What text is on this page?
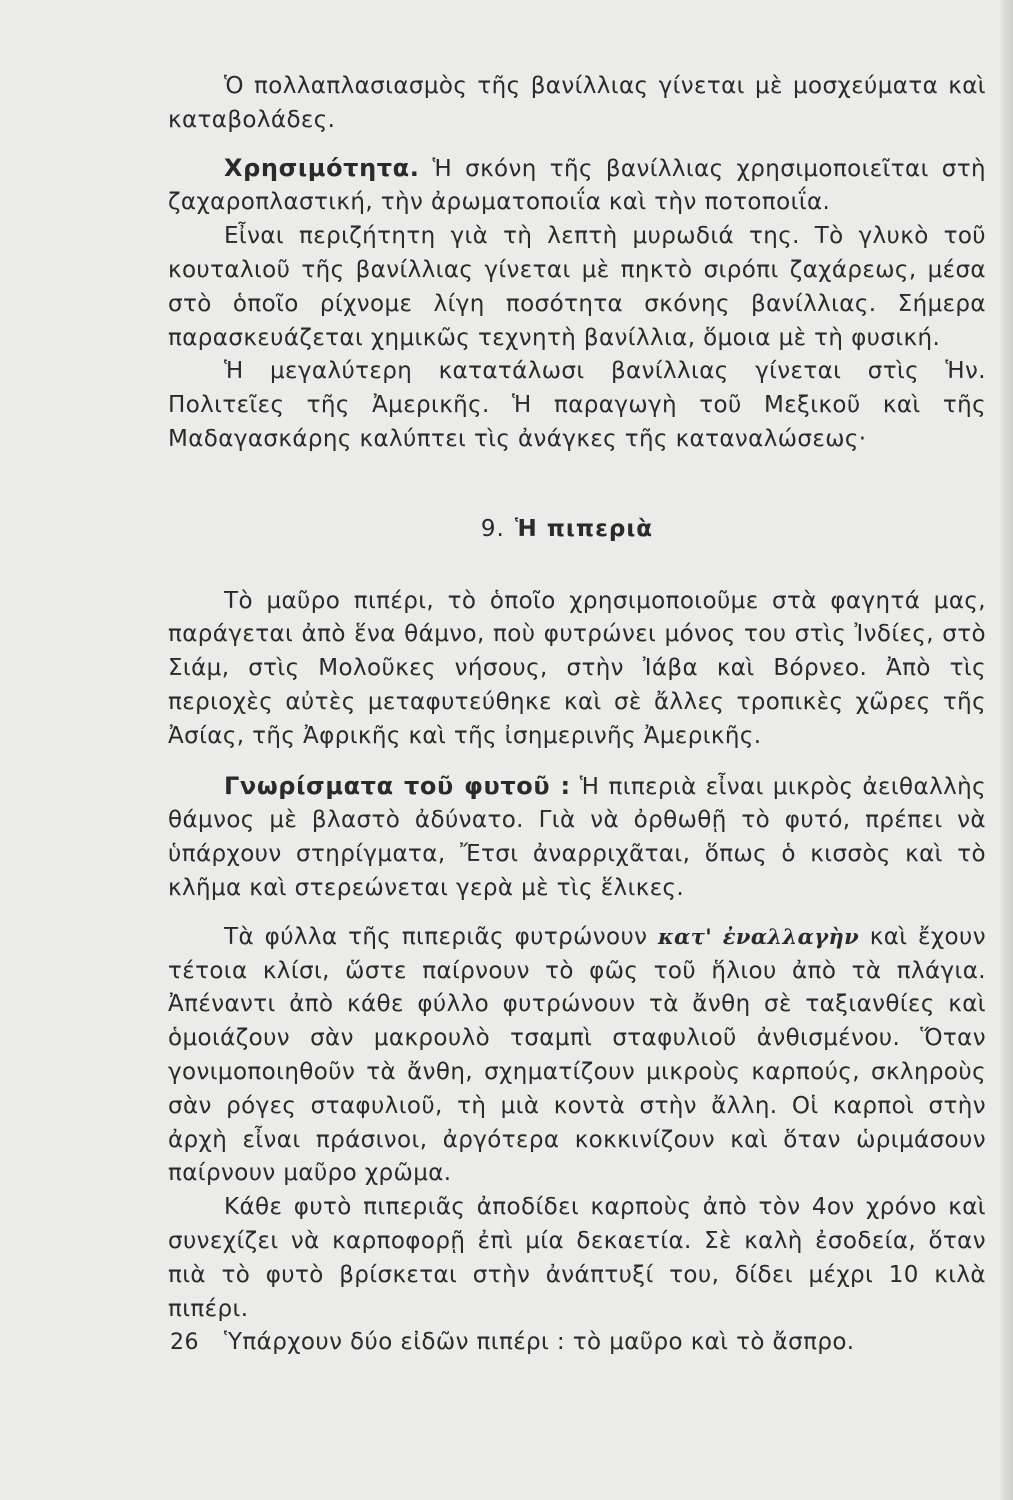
Ὁ πολλαπλασιασμὸς τῆς βανίλλιας γίνεται μὲ μοσχεύματα καὶ καταβολάδες.

Χρησιμότητα. Ἡ σκόνη τῆς βανίλλιας χρησιμοποιεῖται στὴ ζαχαροπλαστική, τὴν ἀρωματοποιΐα καὶ τὴν ποτοποιΐα.

Εἶναι περιζήτητη γιὰ τὴ λεπτὴ μυρωδιά της. Τὸ γλυκὸ τοῦ κουταλιοῦ τῆς βανίλλιας γίνεται μὲ πηκτὸ σιρόπι ζαχάρεως, μέσα στὸ ὁποῖο ρίχνομε λίγη ποσότητα σκόνης βανίλλιας. Σήμερα παρασκευάζεται χημικῶς τεχνητὴ βανίλλια, ὅμοια μὲ τὴ φυσική.

Ἡ μεγαλύτερη κατατάλωσι βανίλλιας γίνεται στὶς Ἡν. Πολιτεῖες τῆς Ἀμερικῆς. Ἡ παραγωγὴ τοῦ Μεξικοῦ καὶ τῆς Μαδαγασκάρης καλύπτει τὶς ἀνάγκες τῆς καταναλώσεως·

9. Ἡ πιπεριὰ

Τὸ μαῦρο πιπέρι, τὸ ὁποῖο χρησιμοποιοῦμε στὰ φαγητά μας, παράγεται ἀπὸ ἕνα θάμνο, ποὺ φυτρώνει μόνος του στὶς Ἰνδίες, στὸ Σιάμ, στὶς Μολοῦκες νήσους, στὴν Ἰάβα καὶ Βόρνεο. Ἀπὸ τὶς περιοχὲς αὐτὲς μεταφυτεύθηκε καὶ σὲ ἄλλες τροπικὲς χῶρες τῆς Ἀσίας, τῆς Ἀφρικῆς καὶ τῆς ἰσημερινῆς Ἀμερικῆς.

Γνωρίσματα τοῦ φυτοῦ : Ἡ πιπεριὰ εἶναι μικρὸς ἀειθαλλὴς θάμνος μὲ βλαστὸ ἀδύνατο. Γιὰ νὰ ὀρθωθῇ τὸ φυτό, πρέπει νὰ ὑπάρχουν στηρίγματα, Ἔτσι ἀναρριχᾶται, ὅπως ὁ κισσὸς καὶ τὸ κλῆμα καὶ στερεώνεται γερὰ μὲ τὶς ἕλικες.

Τὰ φύλλα τῆς πιπεριᾶς φυτρώνουν κατ' ἐναλλαγὴν καὶ ἔχουν τέτοια κλίσι, ὥστε παίρνουν τὸ φῶς τοῦ ἥλιου ἀπὸ τὰ πλάγια. Ἀπέναντι ἀπὸ κάθε φύλλο φυτρώνουν τὰ ἄνθη σὲ ταξιανθίες καὶ ὁμοιάζουν σὰν μακρουλὸ τσαμπὶ σταφυλιοῦ ἀνθισμένου. Ὅταν γονιμοποιηθοῦν τὰ ἄνθη, σχηματίζουν μικροὺς καρπούς, σκληροὺς σὰν ρόγες σταφυλιοῦ, τὴ μιὰ κοντὰ στὴν ἄλλη. Οἱ καρποὶ στὴν ἀρχὴ εἶναι πράσινοι, ἀργότερα κοκκινίζουν καὶ ὅταν ὡριμάσουν παίρνουν μαῦρο χρῶμα.

Κάθε φυτὸ πιπεριᾶς ἀποδίδει καρποὺς ἀπὸ τὸν 4ον χρόνο καὶ συνεχίζει νὰ καρποφορῇ ἐπὶ μία δεκαετία. Σὲ καλὴ ἐσοδεία, ὅταν πιὰ τὸ φυτὸ βρίσκεται στὴν ἀνάπτυξί του, δίδει μέχρι 10 κιλὰ πιπέρι.

Ὑπάρχουν δύο εἰδῶν πιπέρι : τὸ μαῦρο καὶ τὸ ἄσπρο.

26
